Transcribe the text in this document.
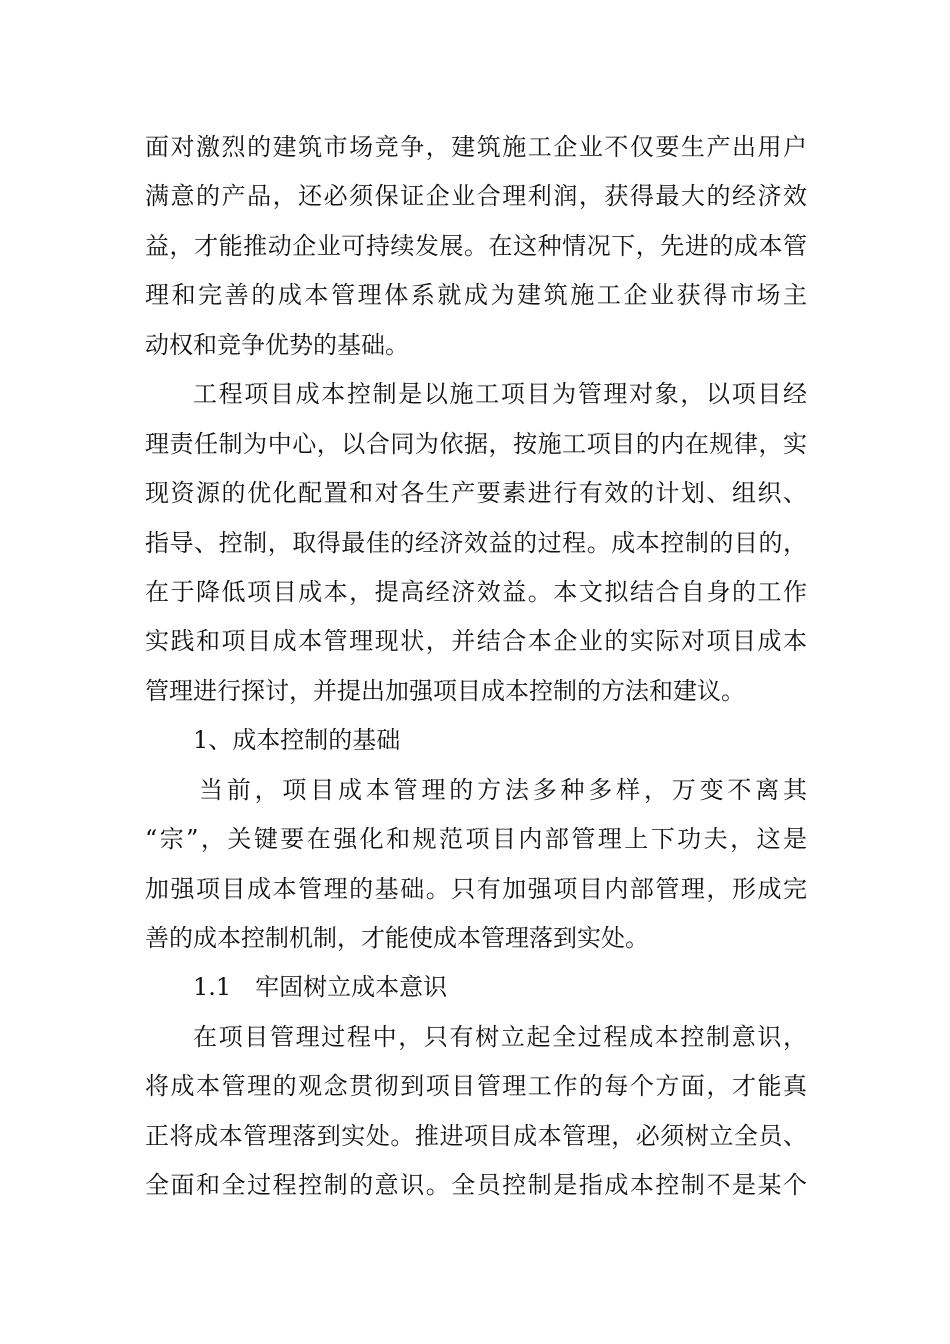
面对激烈的建筑市场竞争，建筑施工企业不仅要生产出用户
满意的产品，还必须保证企业合理利润，获得最大的经济效
益，才能推动企业可持续发展。在这种情况下，先进的成本管
理和完善的成本管理体系就成为建筑施工企业获得市场主
动权和竞争优势的基础。
工程项目成本控制是以施工项目为管理对象，以项目经
理责任制为中心，以合同为依据，按施工项目的内在规律，实
现资源的优化配置和对各生产要素进行有效的计划、组织、
指导、控制，取得最佳的经济效益的过程。成本控制的目的，
在于降低项目成本，提高经济效益。本文拟结合自身的工作
实践和项目成本管理现状，并结合本企业的实际对项目成本
管理进行探讨，并提出加强项目成本控制的方法和建议。
1、成本控制的基础
当前，项目成本管理的方法多种多样，万变不离其
“宗”，关键要在强化和规范项目内部管理上下功夫，这是
加强项目成本管理的基础。只有加强项目内部管理，形成完
善的成本控制机制，才能使成本管理落到实处。
1.1　牢固树立成本意识
在项目管理过程中，只有树立起全过程成本控制意识，
将成本管理的观念贯彻到项目管理工作的每个方面，才能真
正将成本管理落到实处。推进项目成本管理，必须树立全员、
全面和全过程控制的意识。全员控制是指成本控制不是某个
